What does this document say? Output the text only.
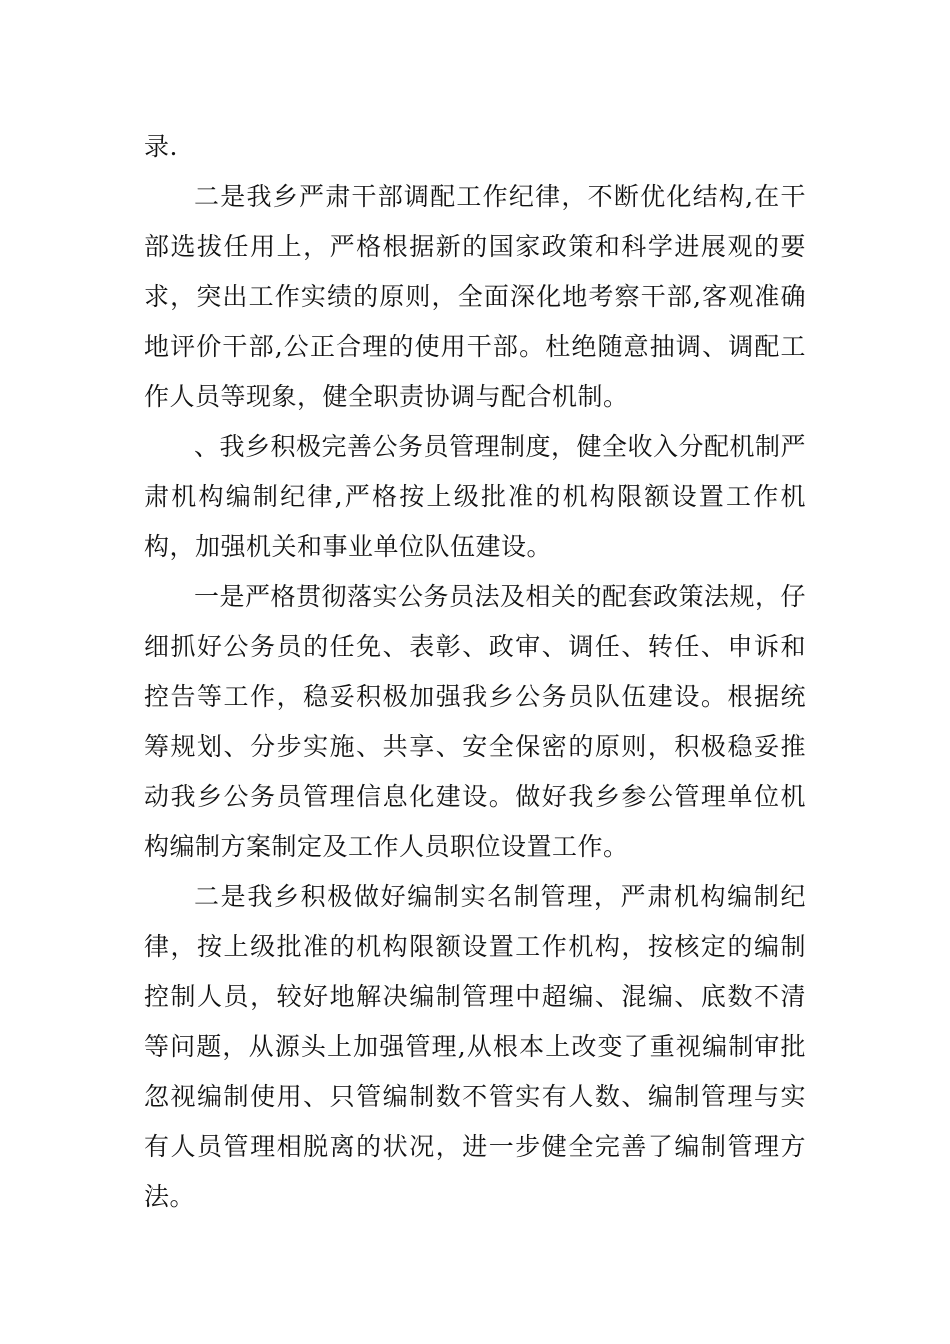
录.

二是我乡严肃干部调配工作纪律，不断优化结构,在干部选拔任用上，严格根据新的国家政策和科学进展观的要求，突出工作实绩的原则，全面深化地考察干部,客观准确地评价干部,公正合理的使用干部。杜绝随意抽调、调配工作人员等现象，健全职责协调与配合机制。

、我乡积极完善公务员管理制度，健全收入分配机制严肃机构编制纪律,严格按上级批准的机构限额设置工作机构，加强机关和事业单位队伍建设。

一是严格贯彻落实公务员法及相关的配套政策法规，仔细抓好公务员的任免、表彰、政审、调任、转任、申诉和控告等工作，稳妥积极加强我乡公务员队伍建设。根据统筹规划、分步实施、共享、安全保密的原则，积极稳妥推动我乡公务员管理信息化建设。做好我乡参公管理单位机构编制方案制定及工作人员职位设置工作。

二是我乡积极做好编制实名制管理，严肃机构编制纪律，按上级批准的机构限额设置工作机构，按核定的编制控制人员，较好地解决编制管理中超编、混编、底数不清等问题，从源头上加强管理,从根本上改变了重视编制审批忽视编制使用、只管编制数不管实有人数、编制管理与实有人员管理相脱离的状况，进一步健全完善了编制管理方法。
